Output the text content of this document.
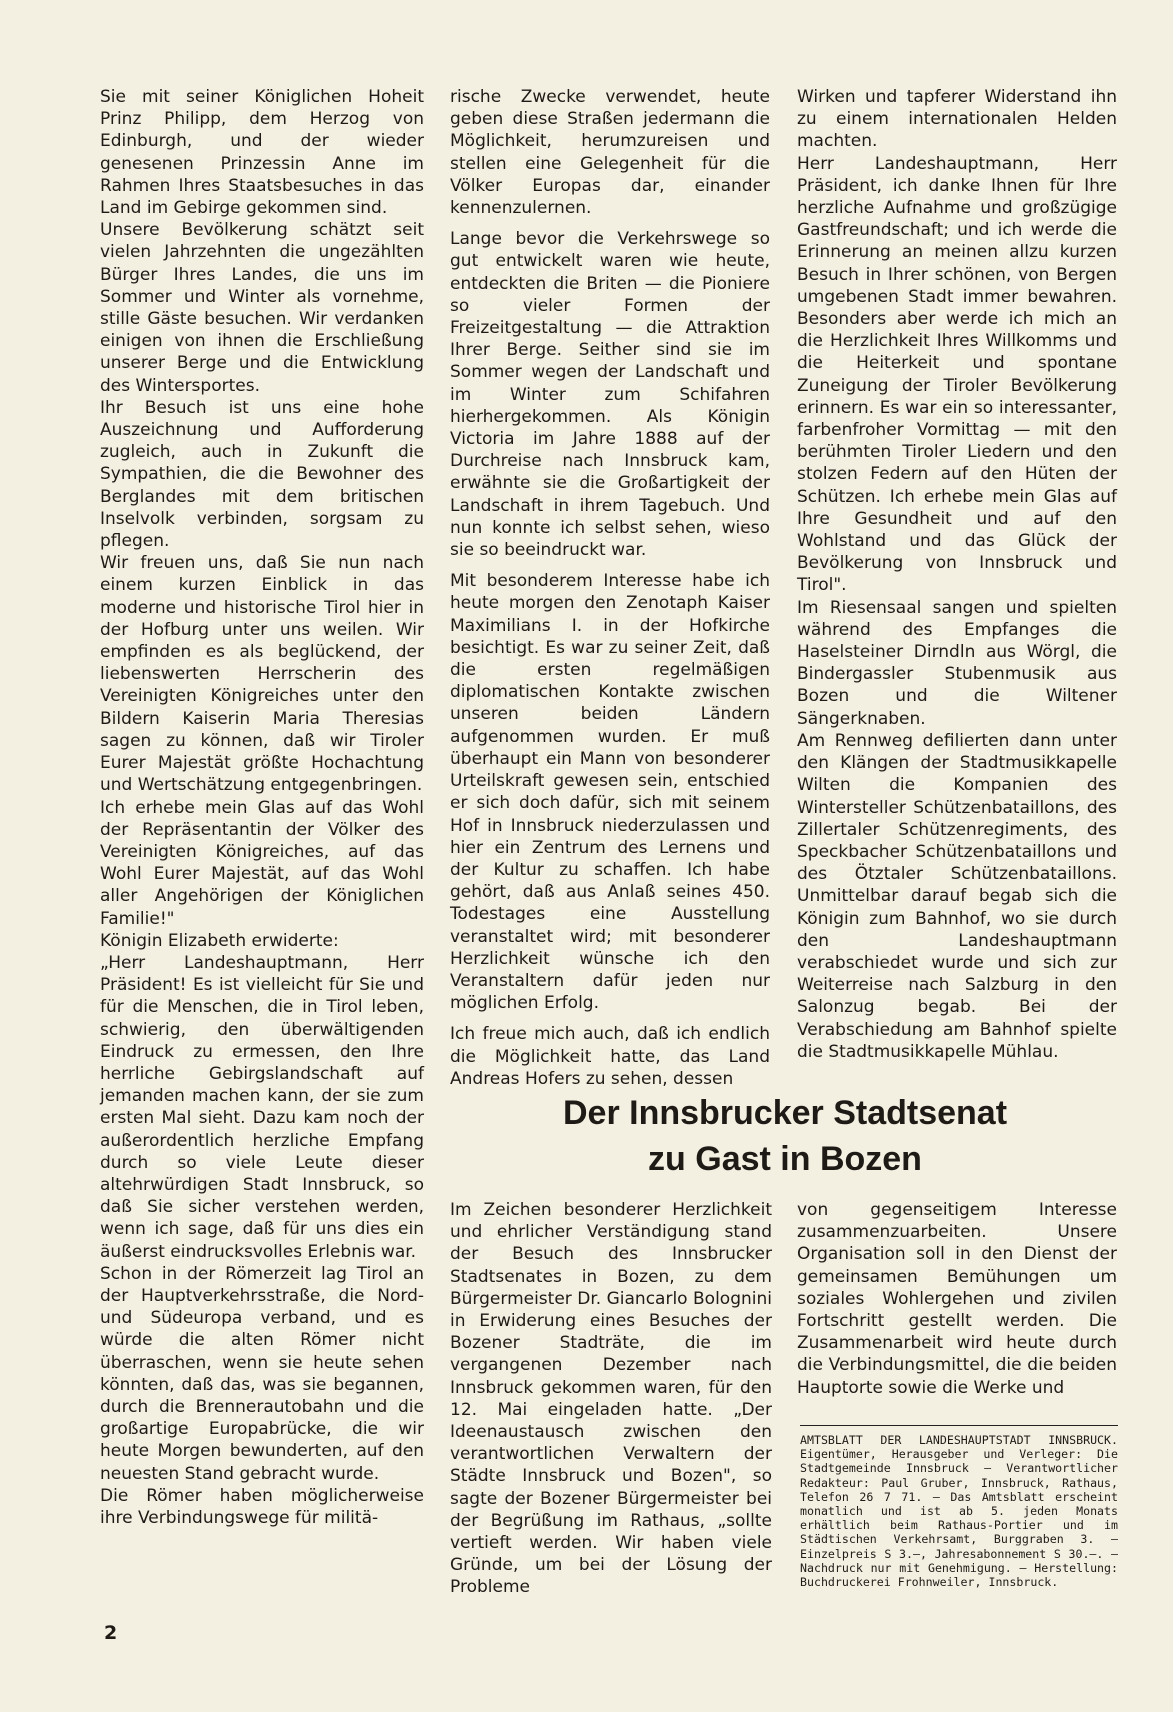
Sie mit seiner Königlichen Hoheit Prinz Philipp, dem Herzog von Edinburgh, und der wieder genesenen Prinzessin Anne im Rahmen Ihres Staatsbesuches in das Land im Gebirge gekommen sind.

Unsere Bevölkerung schätzt seit vielen Jahrzehnten die ungezählten Bürger Ihres Landes, die uns im Sommer und Winter als vornehme, stille Gäste besuchen. Wir verdanken einigen von ihnen die Erschließung unserer Berge und die Entwicklung des Wintersportes.

Ihr Besuch ist uns eine hohe Auszeichnung und Aufforderung zugleich, auch in Zukunft die Sympathien, die die Bewohner des Berglandes mit dem britischen Inselvolk verbinden, sorgsam zu pflegen.

Wir freuen uns, daß Sie nun nach einem kurzen Einblick in das moderne und historische Tirol hier in der Hofburg unter uns weilen. Wir empfinden es als beglückend, der liebenswerten Herrscherin des Vereinigten Königreiches unter den Bildern Kaiserin Maria Theresias sagen zu können, daß wir Tiroler Eurer Majestät größte Hochachtung und Wertschätzung entgegenbringen.

Ich erhebe mein Glas auf das Wohl der Repräsentantin der Völker des Vereinigten Königreiches, auf das Wohl Eurer Majestät, auf das Wohl aller Angehörigen der Königlichen Familie!"

Königin Elizabeth erwiderte:

„Herr Landeshauptmann, Herr Präsident! Es ist vielleicht für Sie und für die Menschen, die in Tirol leben, schwierig, den überwältigenden Eindruck zu ermessen, den Ihre herrliche Gebirgslandschaft auf jemanden machen kann, der sie zum ersten Mal sieht. Dazu kam noch der außerordentlich herzliche Empfang durch so viele Leute dieser altehrwürdigen Stadt Innsbruck, so daß Sie sicher verstehen werden, wenn ich sage, daß für uns dies ein äußerst eindrucksvolles Erlebnis war.

Schon in der Römerzeit lag Tirol an der Hauptverkehrsstraße, die Nord- und Südeuropa verband, und es würde die alten Römer nicht überraschen, wenn sie heute sehen könnten, daß das, was sie begannen, durch die Brennerautobahn und die großartige Europabrücke, die wir heute Morgen bewunderten, auf den neuesten Stand gebracht wurde.

Die Römer haben möglicherweise ihre Verbindungswege für militä-

rische Zwecke verwendet, heute geben diese Straßen jedermann die Möglichkeit, herumzureisen und stellen eine Gelegenheit für die Völker Europas dar, einander kennenzulernen.

Lange bevor die Verkehrswege so gut entwickelt waren wie heute, entdeckten die Briten — die Pioniere so vieler Formen der Freizeitgestaltung — die Attraktion Ihrer Berge. Seither sind sie im Sommer wegen der Landschaft und im Winter zum Schifahren hierhergekommen. Als Königin Victoria im Jahre 1888 auf der Durchreise nach Innsbruck kam, erwähnte sie die Großartigkeit der Landschaft in ihrem Tagebuch. Und nun konnte ich selbst sehen, wieso sie so beeindruckt war.

Mit besonderem Interesse habe ich heute morgen den Zenotaph Kaiser Maximilians I. in der Hofkirche besichtigt. Es war zu seiner Zeit, daß die ersten regelmäßigen diplomatischen Kontakte zwischen unseren beiden Ländern aufgenommen wurden. Er muß überhaupt ein Mann von besonderer Urteilskraft gewesen sein, entschied er sich doch dafür, sich mit seinem Hof in Innsbruck niederzulassen und hier ein Zentrum des Lernens und der Kultur zu schaffen. Ich habe gehört, daß aus Anlaß seines 450. Todestages eine Ausstellung veranstaltet wird; mit besonderer Herzlichkeit wünsche ich den Veranstaltern dafür jeden nur möglichen Erfolg.

Ich freue mich auch, daß ich endlich die Möglichkeit hatte, das Land Andreas Hofers zu sehen, dessen

Wirken und tapferer Widerstand ihn zu einem internationalen Helden machten.

Herr Landeshauptmann, Herr Präsident, ich danke Ihnen für Ihre herzliche Aufnahme und großzügige Gastfreundschaft; und ich werde die Erinnerung an meinen allzu kurzen Besuch in Ihrer schönen, von Bergen umgebenen Stadt immer bewahren. Besonders aber werde ich mich an die Herzlichkeit Ihres Willkomms und die Heiterkeit und spontane Zuneigung der Tiroler Bevölkerung erinnern. Es war ein so interessanter, farbenfroher Vormittag — mit den berühmten Tiroler Liedern und den stolzen Federn auf den Hüten der Schützen. Ich erhebe mein Glas auf Ihre Gesundheit und auf den Wohlstand und das Glück der Bevölkerung von Innsbruck und Tirol".

Im Riesensaal sangen und spielten während des Empfanges die Haselsteiner Dirndln aus Wörgl, die Bindergassler Stubenmusik aus Bozen und die Wiltener Sängerknaben.

Am Rennweg defilierten dann unter den Klängen der Stadtmusikkapelle Wilten die Kompanien des Wintersteller Schützenbataillons, des Zillertaler Schützenregiments, des Speckbacher Schützenbataillons und des Ötztaler Schützenbataillons. Unmittelbar darauf begab sich die Königin zum Bahnhof, wo sie durch den Landeshauptmann verabschiedet wurde und sich zur Weiterreise nach Salzburg in den Salonzug begab. Bei der Verabschiedung am Bahnhof spielte die Stadtmusikkapelle Mühlau.

Der Innsbrucker Stadtsenat
zu Gast in Bozen

Im Zeichen besonderer Herzlichkeit und ehrlicher Verständigung stand der Besuch des Innsbrucker Stadtsenates in Bozen, zu dem Bürgermeister Dr. Giancarlo Bolognini in Erwiderung eines Besuches der Bozener Stadträte, die im vergangenen Dezember nach Innsbruck gekommen waren, für den 12. Mai eingeladen hatte. „Der Ideenaustausch zwischen den verantwortlichen Verwaltern der Städte Innsbruck und Bozen", so sagte der Bozener Bürgermeister bei der Begrüßung im Rathaus, „sollte vertieft werden. Wir haben viele Gründe, um bei der Lösung der Probleme

von gegenseitigem Interesse zusammenzuarbeiten. Unsere Organisation soll in den Dienst der gemeinsamen Bemühungen um soziales Wohlergehen und zivilen Fortschritt gestellt werden. Die Zusammenarbeit wird heute durch die Verbindungsmittel, die die beiden Hauptorte sowie die Werke und

AMTSBLATT DER LANDESHAUPTSTADT INNSBRUCK. Eigentümer, Herausgeber und Verleger: Die Stadtgemeinde Innsbruck — Verantwortlicher Redakteur: Paul Gruber, Innsbruck, Rathaus, Telefon 26 7 71. — Das Amtsblatt erscheint monatlich und ist ab 5. jeden Monats erhältlich beim Rathaus-Portier und im Städtischen Verkehrsamt, Burggraben 3. — Einzelpreis S 3.—, Jahresabonnement S 30.—. — Nachdruck nur mit Genehmigung. — Herstellung: Buchdruckerei Frohnweiler, Innsbruck.
2
